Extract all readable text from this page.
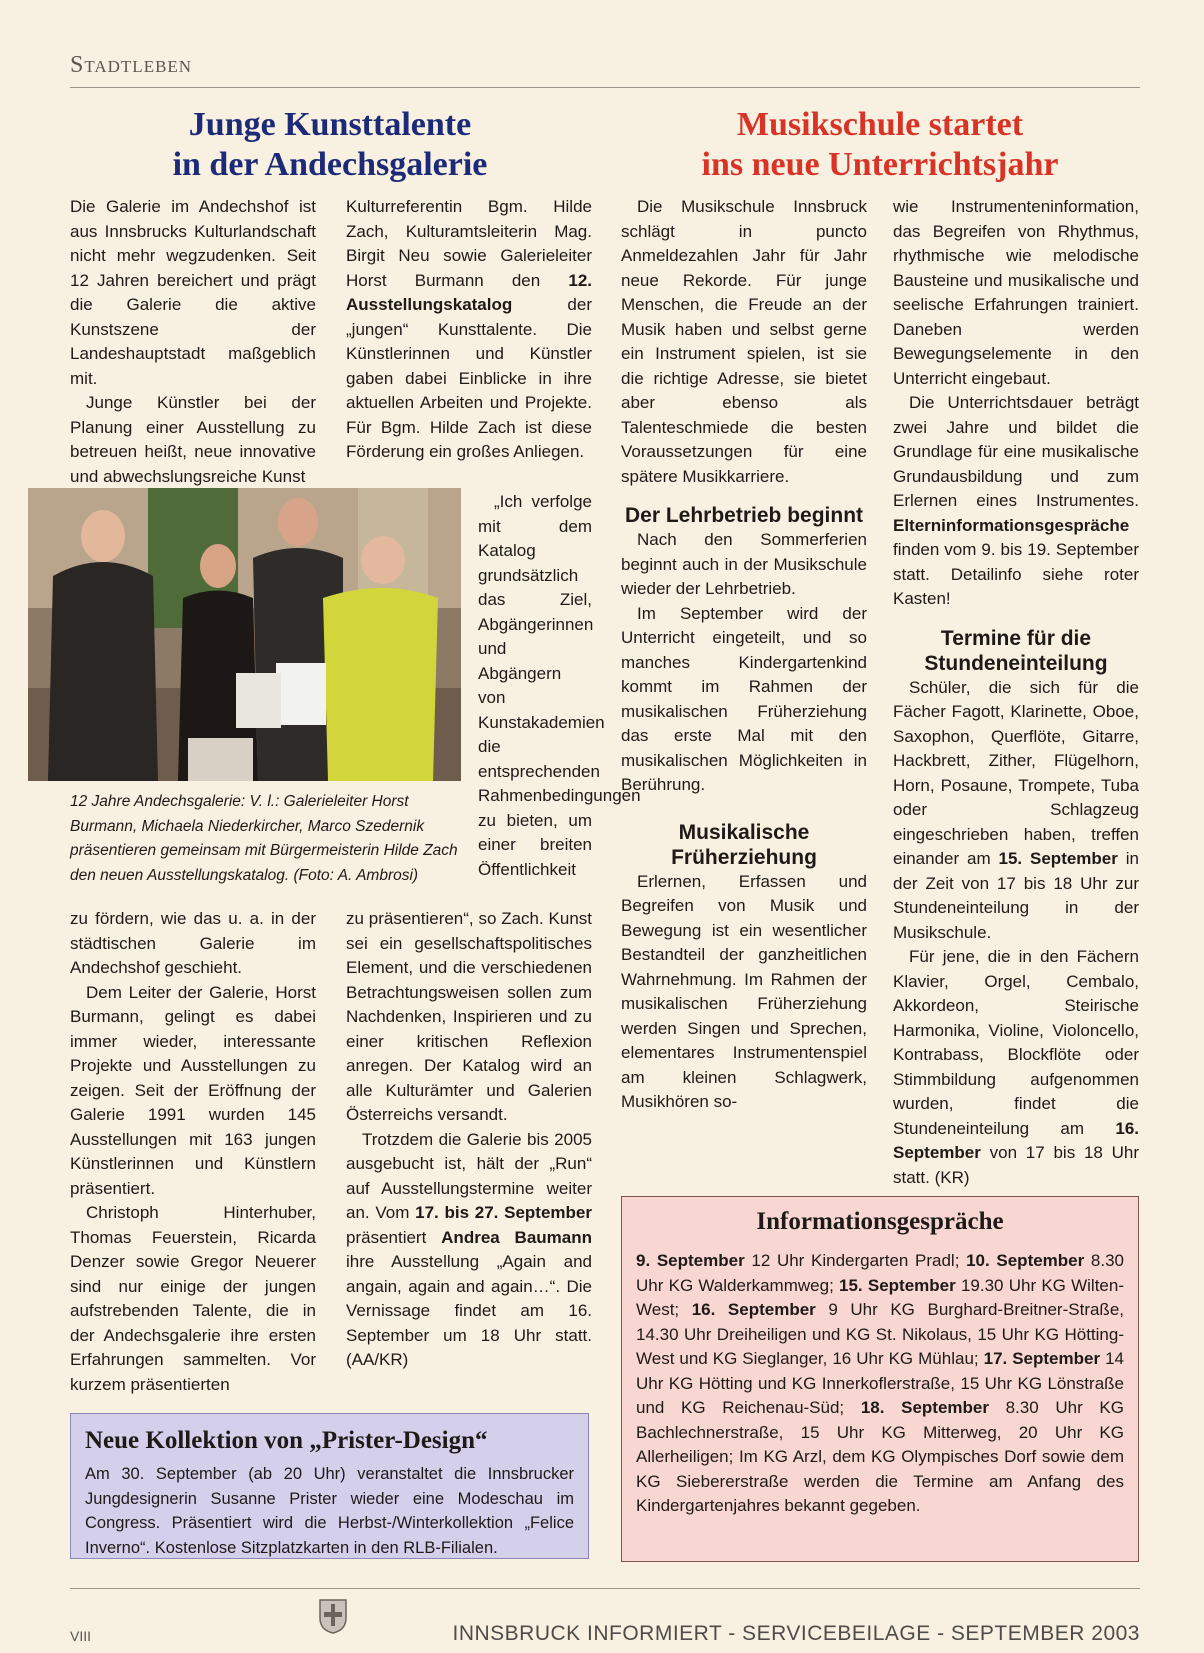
Stadtleben
Junge Kunsttalente
in der Andechsgalerie
Musikschule startet
ins neue Unterrichtsjahr

Die Galerie im Andechshof ist aus Innsbrucks Kulturlandschaft nicht mehr wegzudenken. Seit 12 Jahren bereichert und prägt die Galerie die aktive Kunstszene der Landeshauptstadt maßgeblich mit.

Junge Künstler bei der Planung einer Ausstellung zu betreuen heißt, neue innovative und abwechslungsreiche Kunst

Kulturreferentin Bgm. Hilde Zach, Kulturamtsleiterin Mag. Birgit Neu sowie Galerieleiter Horst Burmann den 12. Ausstellungskatalog der „jungen“ Kunsttalente. Die Künstlerinnen und Künstler gaben dabei Einblicke in ihre aktuellen Arbeiten und Projekte. Für Bgm. Hilde Zach ist diese Förderung ein großes Anliegen.

12 Jahre Andechsgalerie: V. l.: Galerieleiter Horst Burmann, Michaela Niederkircher, Marco Szedernik präsentieren gemeinsam mit Bürgermeisterin Hilde Zach den neuen Ausstellungskatalog. (Foto: A. Ambrosi)

„Ich verfolge mit dem Katalog grundsätzlich das Ziel, Abgängerinnen und Abgängern von Kunstakademien die entsprechenden Rahmenbedingungen zu bieten, um einer breiten Öffentlichkeit

zu fördern, wie das u. a. in der städtischen Galerie im Andechshof geschieht.

Dem Leiter der Galerie, Horst Burmann, gelingt es dabei immer wieder, interessante Projekte und Ausstellungen zu zeigen. Seit der Eröffnung der Galerie 1991 wurden 145 Ausstellungen mit 163 jungen Künstlerinnen und Künstlern präsentiert.

Christoph Hinterhuber, Thomas Feuerstein, Ricarda Denzer sowie Gregor Neuerer sind nur einige der jungen aufstrebenden Talente, die in der Andechsgalerie ihre ersten Erfahrungen sammelten. Vor kurzem präsentierten

zu präsentieren“, so Zach. Kunst sei ein gesellschaftspolitisches Element, und die verschiedenen Betrachtungsweisen sollen zum Nachdenken, Inspirieren und zu einer kritischen Reflexion anregen. Der Katalog wird an alle Kulturämter und Galerien Österreichs versandt.

Trotzdem die Galerie bis 2005 ausgebucht ist, hält der „Run“ auf Ausstellungstermine weiter an. Vom 17. bis 27. September präsentiert Andrea Baumann ihre Ausstellung „Again and angain, again and again…“. Die Vernissage findet am 16. September um 18 Uhr statt. (AA/KR)

Die Musikschule Innsbruck schlägt in puncto Anmeldezahlen Jahr für Jahr neue Rekorde. Für junge Menschen, die Freude an der Musik haben und selbst gerne ein Instrument spielen, ist sie die richtige Adresse, sie bietet aber ebenso als Talenteschmiede die besten Voraussetzungen für eine spätere Musikkarriere.

Der Lehrbetrieb beginnt

Nach den Sommerferien beginnt auch in der Musikschule wieder der Lehrbetrieb.

Im September wird der Unterricht eingeteilt, und so manches Kindergartenkind kommt im Rahmen der musikalischen Früherziehung das erste Mal mit den musikalischen Möglichkeiten in Berührung.

Musikalische Früherziehung

Erlernen, Erfassen und Begreifen von Musik und Bewegung ist ein wesentlicher Bestandteil der ganzheitlichen Wahrnehmung. Im Rahmen der musikalischen Früherziehung werden Singen und Sprechen, elementares Instrumentenspiel am kleinen Schlagwerk, Musikhören so-

wie Instrumenteninformation, das Begreifen von Rhythmus, rhythmische wie melodische Bausteine und musikalische und seelische Erfahrungen trainiert. Daneben werden Bewegungselemente in den Unterricht eingebaut.

Die Unterrichtsdauer beträgt zwei Jahre und bildet die Grundlage für eine musikalische Grundausbildung und zum Erlernen eines Instrumentes. Elterninformationsgespräche finden vom 9. bis 19. September statt. Detailinfo siehe roter Kasten!

Termine für die Stundeneinteilung

Schüler, die sich für die Fächer Fagott, Klarinette, Oboe, Saxophon, Querflöte, Gitarre, Hackbrett, Zither, Flügelhorn, Horn, Posaune, Trompete, Tuba oder Schlagzeug eingeschrieben haben, treffen einander am 15. September in der Zeit von 17 bis 18 Uhr zur Stundeneinteilung in der Musikschule.

Für jene, die in den Fächern Klavier, Orgel, Cembalo, Akkordeon, Steirische Harmonika, Violine, Violoncello, Kontrabass, Blockflöte oder Stimmbildung aufgenommen wurden, findet die Stundeneinteilung am 16. September von 17 bis 18 Uhr statt. (KR)

Neue Kollektion von „Prister-Design“
Am 30. September (ab 20 Uhr) veranstaltet die Innsbrucker Jungdesignerin Susanne Prister wieder eine Modeschau im Congress. Präsentiert wird die Herbst-/Winterkollektion „Felice Inverno“. Kostenlose Sitzplatzkarten in den RLB-Filialen.
Informationsgespräche
9. September 12 Uhr Kindergarten Pradl; 10. September 8.30 Uhr KG Walderkammweg; 15. September 19.30 Uhr KG Wilten-West; 16. September 9 Uhr KG Burghard-Breitner-Straße, 14.30 Uhr Dreiheiligen und KG St. Nikolaus, 15 Uhr KG Hötting-West und KG Sieglanger, 16 Uhr KG Mühlau; 17. September 14 Uhr KG Hötting und KG Innerkoflerstraße, 15 Uhr KG Lönstraße und KG Reichenau-Süd; 18. September 8.30 Uhr KG Bachlechnerstraße, 15 Uhr KG Mitterweg, 20 Uhr KG Allerheiligen; Im KG Arzl, dem KG Olympisches Dorf sowie dem KG Siebererstraße werden die Termine am Anfang des Kindergartenjahres bekannt gegeben.
VIII	INNSBRUCK INFORMIERT - SERVICEBEILAGE - SEPTEMBER 2003
